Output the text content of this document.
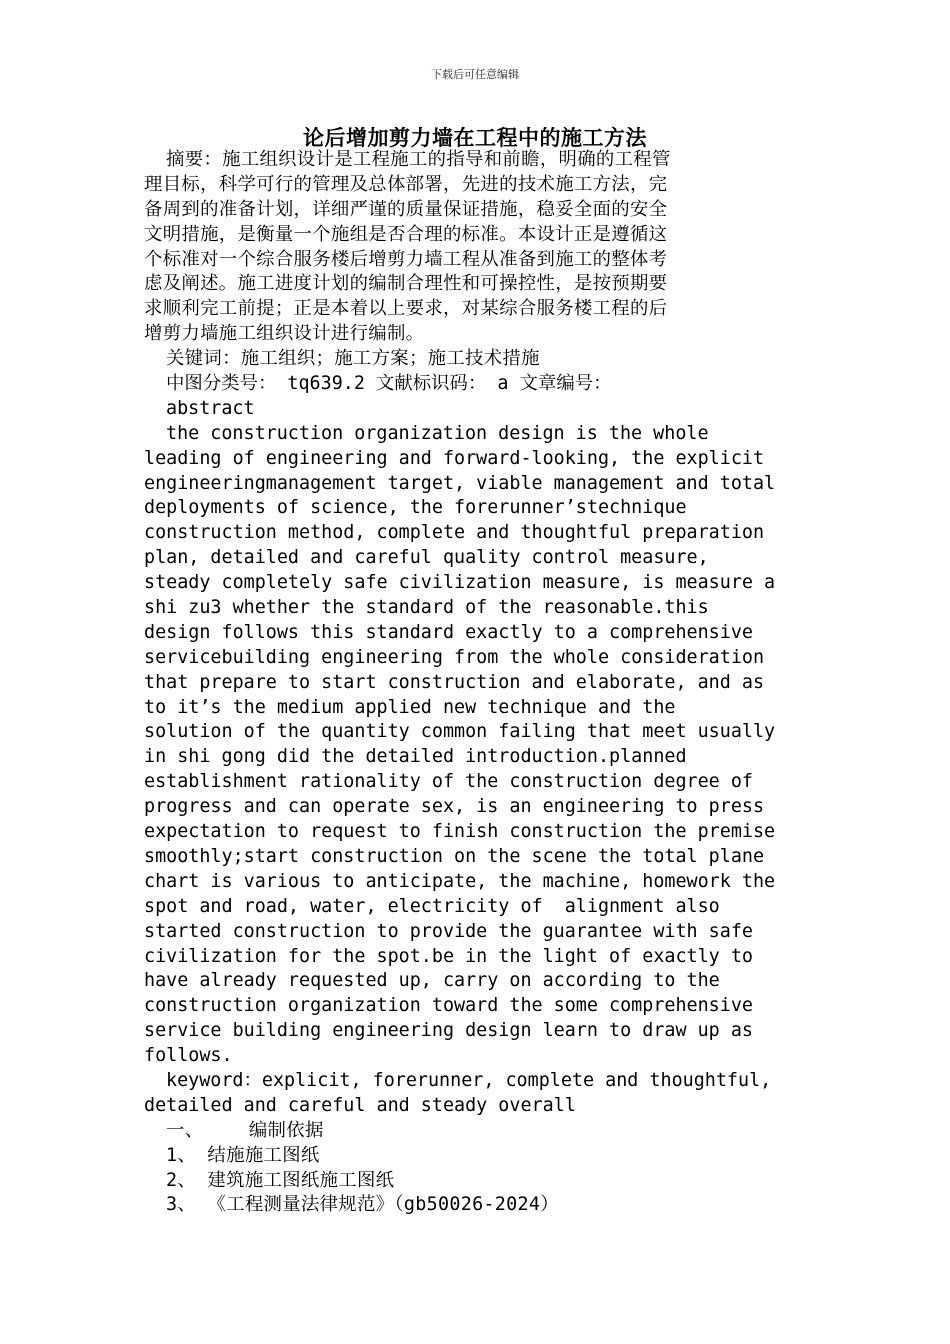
下载后可任意编辑
论后增加剪力墙在工程中的施工方法
摘要：施工组织设计是工程施工的指导和前瞻，明确的工程管
理目标，科学可行的管理及总体部署，先进的技术施工方法，完
备周到的准备计划，详细严谨的质量保证措施，稳妥全面的安全
文明措施，是衡量一个施组是否合理的标准。本设计正是遵循这
个标准对一个综合服务楼后增剪力墙工程从准备到施工的整体考
虑及阐述。施工进度计划的编制合理性和可操控性，是按预期要
求顺利完工前提；正是本着以上要求，对某综合服务楼工程的后
增剪力墙施工组织设计进行编制。
关键词：施工组织；施工方案；施工技术措施
中图分类号： tq639.2 文献标识码： a 文章编号：
abstract
the construction organization design is the whole
leading of engineering and forward-looking, the explicit
engineeringmanagement target, viable management and total
deployments of science, the forerunner’stechnique
construction method, complete and thoughtful preparation
plan, detailed and careful quality control measure,
steady completely safe civilization measure, is measure a
shi zu3 whether the standard of the reasonable.this
design follows this standard exactly to a comprehensive
servicebuilding engineering from the whole consideration
that prepare to start construction and elaborate, and as
to it’s the medium applied new technique and the
solution of the quantity common failing that meet usually
in shi gong did the detailed introduction.planned
establishment rationality of the construction degree of
progress and can operate sex, is an engineering to press
expectation to request to finish construction the premise
smoothly;start construction on the scene the total plane
chart is various to anticipate, the machine, homework the
spot and road, water, electricity of  alignment also
started construction to provide the guarantee with safe
civilization for the spot.be in the light of exactly to
have already requested up, carry on according to the
construction organization toward the some comprehensive
service building engineering design learn to draw up as
follows.
keyword：explicit, forerunner, complete and thoughtful,
detailed and careful and steady overall
一、    编制依据
1、 结施施工图纸
2、 建筑施工图纸施工图纸
3、 《工程测量法律规范》（gb50026-2024）
